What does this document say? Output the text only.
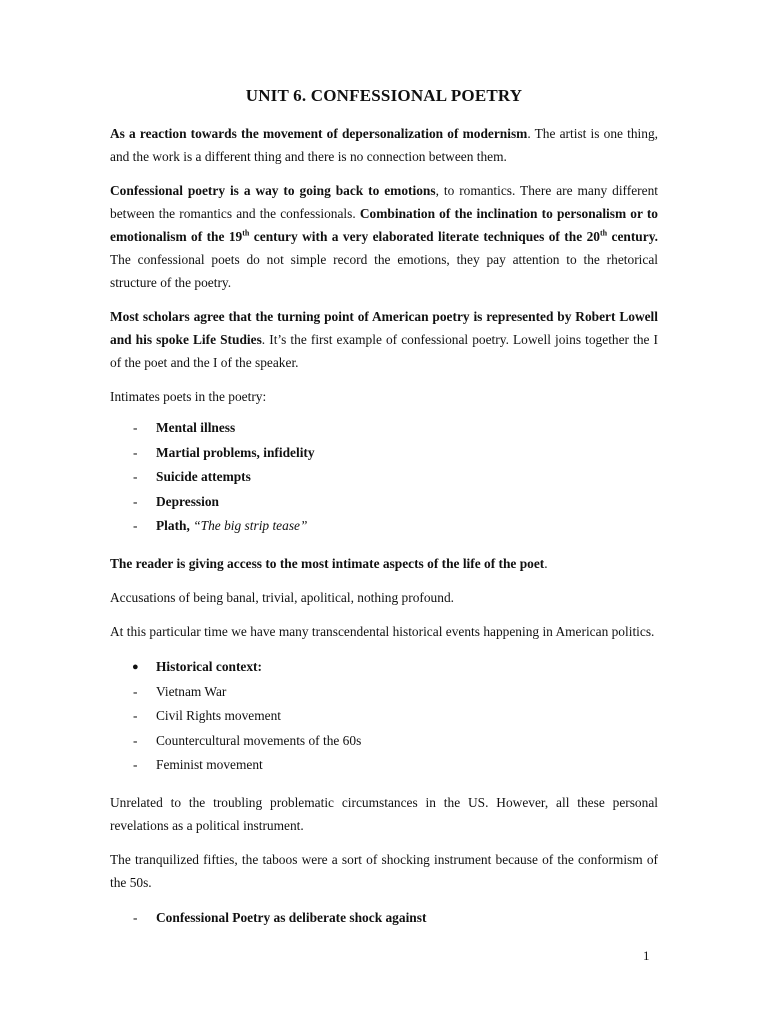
UNIT 6. CONFESSIONAL POETRY

As a reaction towards the movement of depersonalization of modernism. The artist is one thing, and the work is a different thing and there is no connection between them.

Confessional poetry is a way to going back to emotions, to romantics. There are many different between the romantics and the confessionals. Combination of the inclination to personalism or to emotionalism of the 19th century with a very elaborated literate techniques of the 20th century. The confessional poets do not simple record the emotions, they pay attention to the rhetorical structure of the poetry.

Most scholars agree that the turning point of American poetry is represented by Robert Lowell and his spoke Life Studies. It’s the first example of confessional poetry. Lowell joins together the I of the poet and the I of the speaker.

Intimates poets in the poetry:

- Mental illness
- Martial problems, infidelity
- Suicide attempts
- Depression
- Plath, “The big strip tease”

The reader is giving access to the most intimate aspects of the life of the poet.

Accusations of being banal, trivial, apolitical, nothing profound.

At this particular time we have many transcendental historical events happening in American politics.

● Historical context:
- Vietnam War
- Civil Rights movement
- Countercultural movements of the 60s
- Feminist movement

Unrelated to the troubling problematic circumstances in the US. However, all these personal revelations as a political instrument.

The tranquilized fifties, the taboos were a sort of shocking instrument because of the conformism of the 50s.

- Confessional Poetry as deliberate shock against
1
